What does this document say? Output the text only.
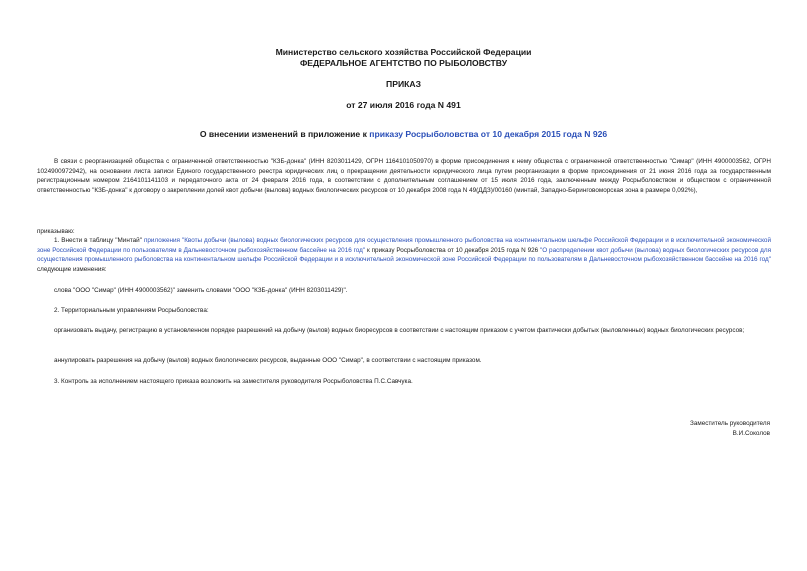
Министерство сельского хозяйства Российской Федерации
ФЕДЕРАЛЬНОЕ АГЕНТСТВО ПО РЫБОЛОВСТВУ
ПРИКАЗ
от 27 июля 2016 года N 491
О внесении изменений в приложение к приказу Росрыболовства от 10 декабря 2015 года N 926
В связи с реорганизацией общества с ограниченной ответственностью "КЗБ-донка" (ИНН 8203011429, ОГРН 1164101050970) в форме присоединения к нему общества с ограниченной ответственностью "Симар" (ИНН 4900003562, ОГРН 1024900972942), на основании листа записи Единого государственного реестра юридических лиц о прекращении деятельности юридического лица путем реорганизации в форме присоединения от 21 июня 2016 года за государственным регистрационным номером 2164101141103 и передаточного акта от 24 февраля 2016 года, в соответствии с дополнительным соглашением от 15 июля 2016 года, заключенным между Росрыболовством и обществом с ограниченной ответственностью "КЗБ-донка" к договору о закреплении долей квот добычи (вылова) водных биологических ресурсов от 10 декабря 2008 года N 49(ДДЗ)/00160 (минтай, Западно-Беринговоморская зона в размере 0,092%),
приказываю:
1. Внести в таблицу "Минтай" приложения "Квоты добычи (вылова) водных биологических ресурсов для осуществления промышленного рыболовства на континентальном шельфе Российской Федерации и в исключительной экономической зоне Российской Федерации по пользователям в Дальневосточном рыбохозяйственном бассейне на 2016 год" к приказу Росрыболовства от 10 декабря 2015 года N 926 "О распределении квот добычи (вылова) водных биологических ресурсов для осуществления промышленного рыболовства на континентальном шельфе Российской Федерации и в исключительной экономической зоне Российской Федерации по пользователям в Дальневосточном рыбохозяйственном бассейне на 2016 год" следующие изменения:
слова "ООО "Симар" (ИНН 4900003562)" заменить словами "ООО "КЗБ-донка" (ИНН 8203011429)".
2. Территориальным управлениям Росрыболовства:
организовать выдачу, регистрацию в установленном порядке разрешений на добычу (вылов) водных биоресурсов в соответствии с настоящим приказом с учетом фактически добытых (выловленных) водных биологических ресурсов;
аннулировать разрешения на добычу (вылов) водных биологических ресурсов, выданные ООО "Симар", в соответствии с настоящим приказом.
3. Контроль за исполнением настоящего приказа возложить на заместителя руководителя Росрыболовства П.С.Савчука.
Заместитель руководителя
В.И.Соколов
